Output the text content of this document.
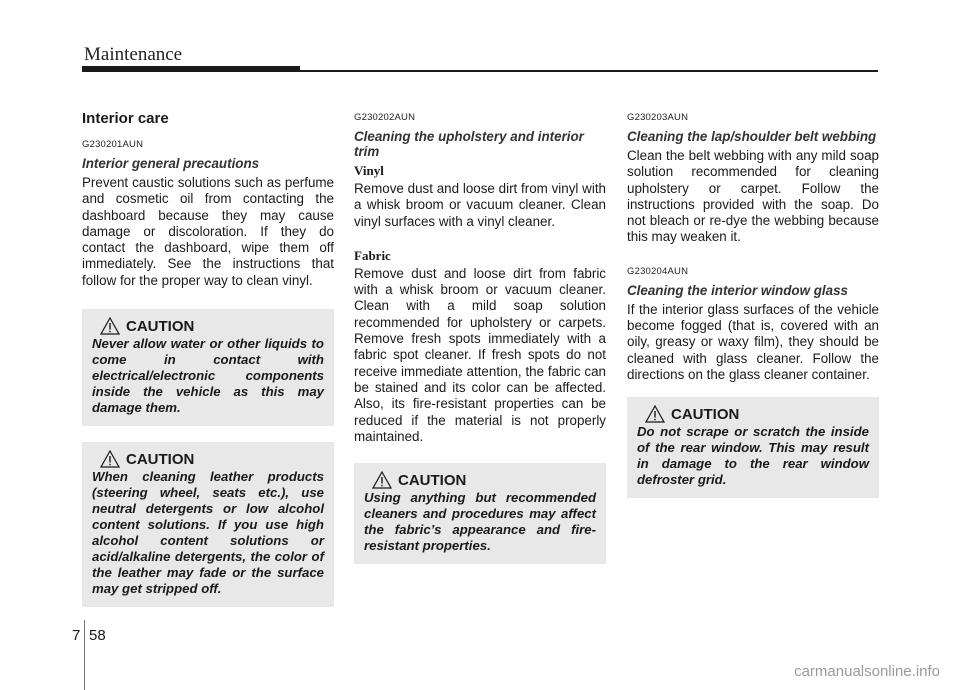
Maintenance
Interior care
G230201AUN
Interior general precautions

Prevent caustic solutions such as perfume and cosmetic oil from contacting the dashboard because they may cause damage or discoloration. If they do contact the dashboard, wipe them off immediately. See the instructions that follow for the proper way to clean vinyl.

CAUTION

Never allow water or other liquids to come in contact with electrical/electronic components inside the vehicle as this may damage them.

CAUTION

When cleaning leather products (steering wheel, seats etc.), use neutral detergents or low alcohol content solutions. If you use high alcohol content solutions or acid/alkaline detergents, the color of the leather may fade or the surface may get stripped off.

G230202AUN
Cleaning the upholstery and interior trim
Vinyl

Remove dust and loose dirt from vinyl with a whisk broom or vacuum cleaner. Clean vinyl surfaces with a vinyl cleaner.

Fabric

Remove dust and loose dirt from fabric with a whisk broom or vacuum cleaner. Clean with a mild soap solution recommended for upholstery or carpets. Remove fresh spots immediately with a fabric spot cleaner. If fresh spots do not receive immediate attention, the fabric can be stained and its color can be affected. Also, its fire-resistant properties can be reduced if the material is not properly maintained.

CAUTION

Using anything but recommended cleaners and procedures may affect the fabric’s appearance and fire-resistant properties.

G230203AUN
Cleaning the lap/shoulder belt webbing

Clean the belt webbing with any mild soap solution recommended for cleaning upholstery or carpet. Follow the instructions provided with the soap. Do not bleach or re-dye the webbing because this may weaken it.

G230204AUN
Cleaning the interior window glass

If the interior glass surfaces of the vehicle become fogged (that is, covered with an oily, greasy or waxy film), they should be cleaned with glass cleaner. Follow the directions on the glass cleaner container.

CAUTION

Do not scrape or scratch the inside of the rear window. This may result in damage to the rear window defroster grid.

7 58
carmanualsonline.info
